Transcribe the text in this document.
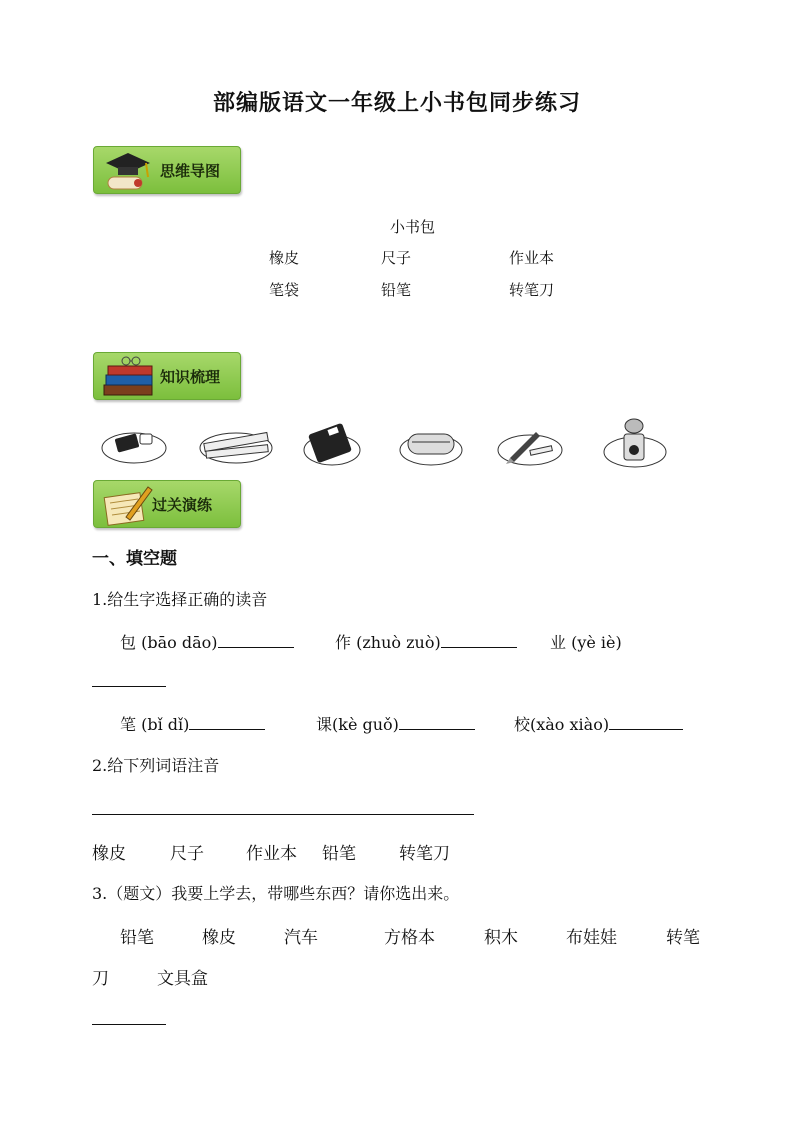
部编版语文一年级上小书包同步练习
思维导图
小书包
橡皮	尺子	作业本
笔袋	铅笔	转笔刀
知识梳理
过关演练
一、填空题
1.给生字选择正确的读音
包 (bāo dāo)	作 (zhuò zuò)	业 (yè iè)
笔 (bǐ dǐ)	课(kè guǒ)	校(xào xiào)
2.给下列词语注音
橡皮	尺子 作业本 铅笔	转笔刀
3.（题文）我要上学去，带哪些东西？请你选出来。
铅笔	橡皮	汽车	方格本	积木	布娃娃	转笔
刀	文具盒
